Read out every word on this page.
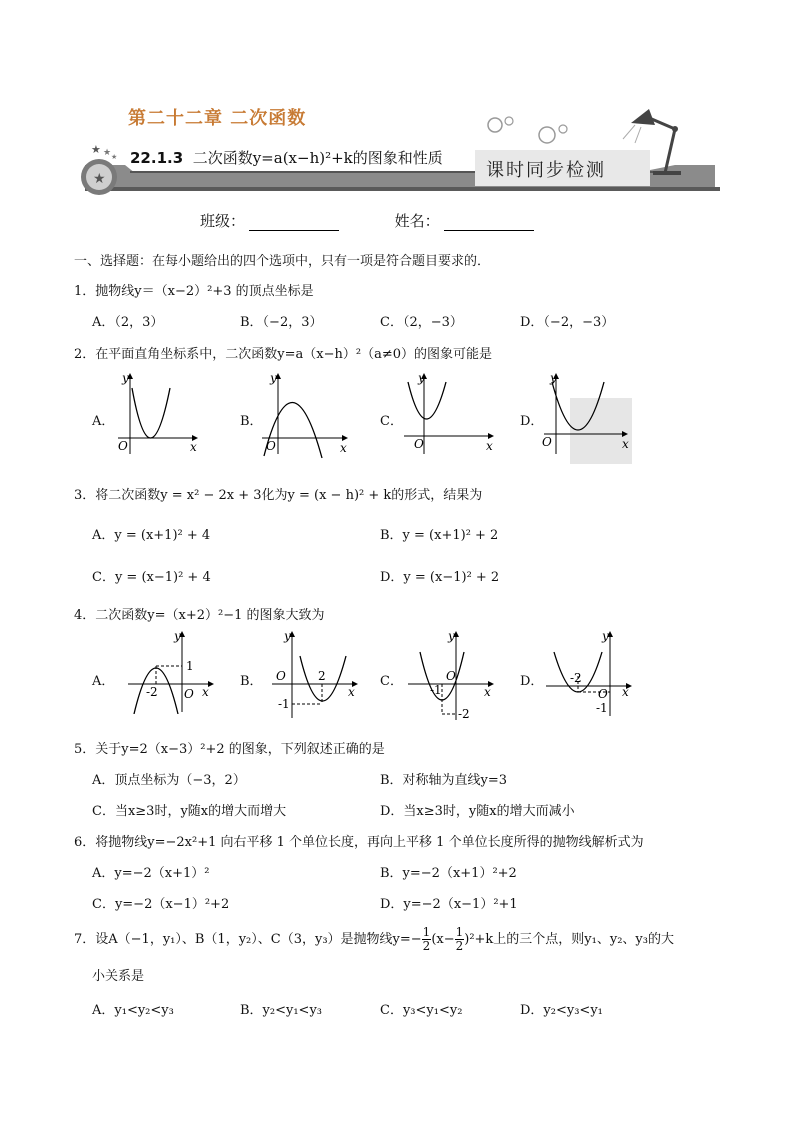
★
★ ★ ★
第二十二章 二次函数
22.1.3 二次函数y=a(x−h)²+k的图象和性质
课时同步检测
班级：	姓名：
一、选择题：在每小题给出的四个选项中，只有一项是符合题目要求的．
1．抛物线y＝（x−2）²+3 的顶点坐标是
A．（2，3）	B．（−2，3）	C．（2，−3）	D．（−2，−3）
2．在平面直角坐标系中，二次函数y=a（x−h）²（a≠0）的图象可能是
A．	B．	C．	D．
y
x
O
y
x
O
y
x
O
y
x
O
3．将二次函数y = x² − 2x + 3化为y = (x − h)² + k的形式，结果为
A．y = (x+1)² + 4	B．y = (x+1)² + 2
C．y = (x−1)² + 4	D．y = (x−1)² + 2
4．二次函数y=（x+2）²−1 的图象大致为
A．	B．	C．	D．
y
x
1
-2 O
y
x
O	2
-1
y
x
O
-1
-2
y
x
O
-2
-1
5．关于y=2（x−3）²+2 的图象，下列叙述正确的是
A．顶点坐标为（−3，2）	B．对称轴为直线y=3
C．当x≥3时，y随x的增大而增大	D．当x≥3时，y随x的增大而减小
6．将抛物线y=−2x²+1 向右平移 1 个单位长度，再向上平移 1 个单位长度所得的抛物线解析式为
A．y=−2（x+1）²	B．y=−2（x+1）²+2
C．y=−2（x−1）²+2	D．y=−2（x−1）²+1
7．设A（−1，y₁）、B（1，y₂）、C（3，y₃）是抛物线$y=- \frac{1}{2} (x- \frac{1}{2} )^2+k$上的三个点，则y₁、y₂、y₃的大
小关系是
A．y₁<y₂<y₃	B．y₂<y₁<y₃	C．y₃<y₁<y₂	D．y₂<y₃<y₁
